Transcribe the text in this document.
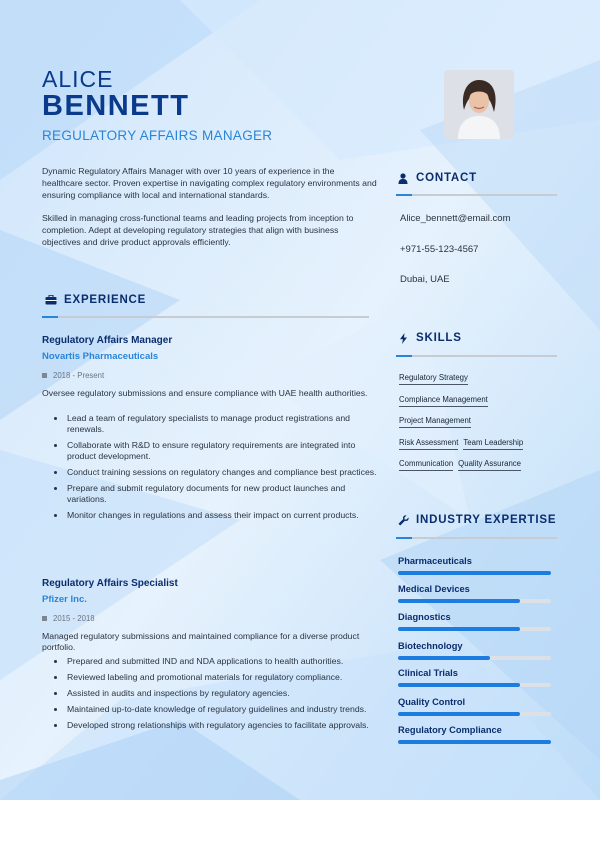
ALICE
BENNETT
REGULATORY AFFAIRS MANAGER

Dynamic Regulatory Affairs Manager with over 10 years of experience in the healthcare sector. Proven expertise in navigating complex regulatory environments and ensuring compliance with local and international standards.

Skilled in managing cross-functional teams and leading projects from inception to completion. Adept at developing regulatory strategies that align with business objectives and drive product approvals efficiently.

EXPERIENCE
Regulatory Affairs Manager
Novartis Pharmaceuticals
2018 - Present
Oversee regulatory submissions and ensure compliance with UAE health authorities.
Lead a team of regulatory specialists to manage product registrations and renewals.
Collaborate with R&D to ensure regulatory requirements are integrated into product development.
Conduct training sessions on regulatory changes and compliance best practices.
Prepare and submit regulatory documents for new product launches and variations.
Monitor changes in regulations and assess their impact on current products.
Regulatory Affairs Specialist
Pfizer Inc.
2015 - 2018
Managed regulatory submissions and maintained compliance for a diverse product portfolio.
Prepared and submitted IND and NDA applications to health authorities.
Reviewed labeling and promotional materials for regulatory compliance.
Assisted in audits and inspections by regulatory agencies.
Maintained up-to-date knowledge of regulatory guidelines and industry trends.
Developed strong relationships with regulatory agencies to facilitate approvals.
CONTACT
Alice_bennett@email.com
+971-55-123-4567
Dubai, UAE
SKILLS
Regulatory Strategy
Compliance Management
Project Management
Risk Assessment Team Leadership
Communication Quality Assurance
INDUSTRY EXPERTISE
Pharmaceuticals
Medical Devices
Diagnostics
Biotechnology
Clinical Trials
Quality Control
Regulatory Compliance
